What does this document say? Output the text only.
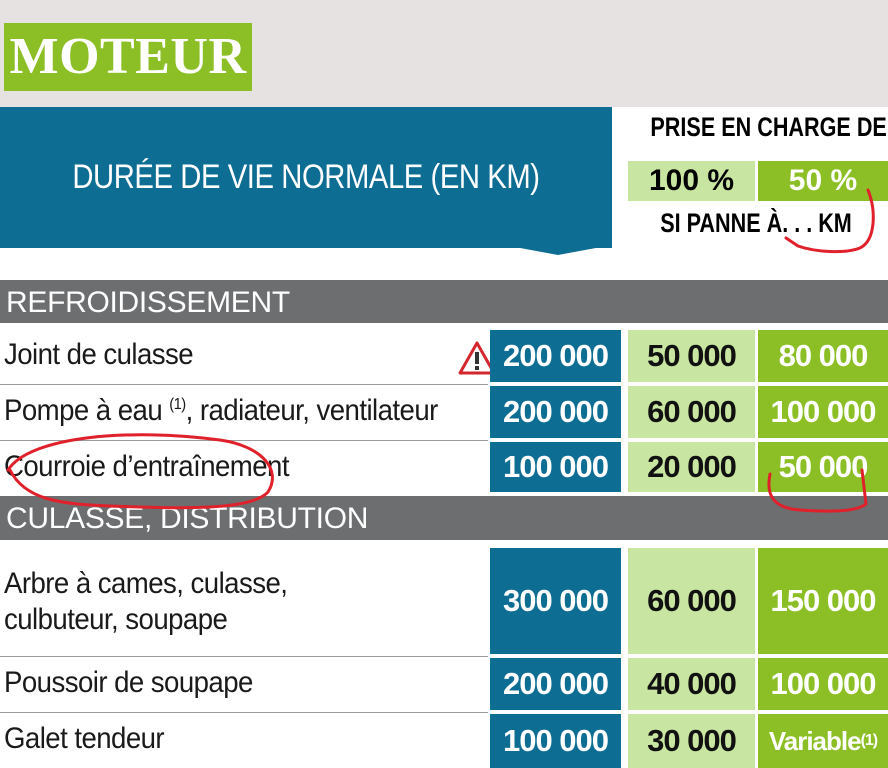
MOTEUR
DURÉE DE VIE NORMALE (EN KM)
PRISE EN CHARGE DE
100 %	50 %
SI PANNE À. . . KM
REFROIDISSEMENT
Joint de culasse	200 000	50 000	80 000
Pompe à eau $^{(1)}$, radiateur, ventilateur	200 000	60 000	100 000
Courroie d’entraînement	100 000	20 000	50 000
CULASSE, DISTRIBUTION
Arbre à cames, culasse,
culbuteur, soupape
300 000	60 000	150 000
Poussoir de soupape	200 000	40 000	100 000
Galet tendeur	100 000	30 000	Variable (1)
